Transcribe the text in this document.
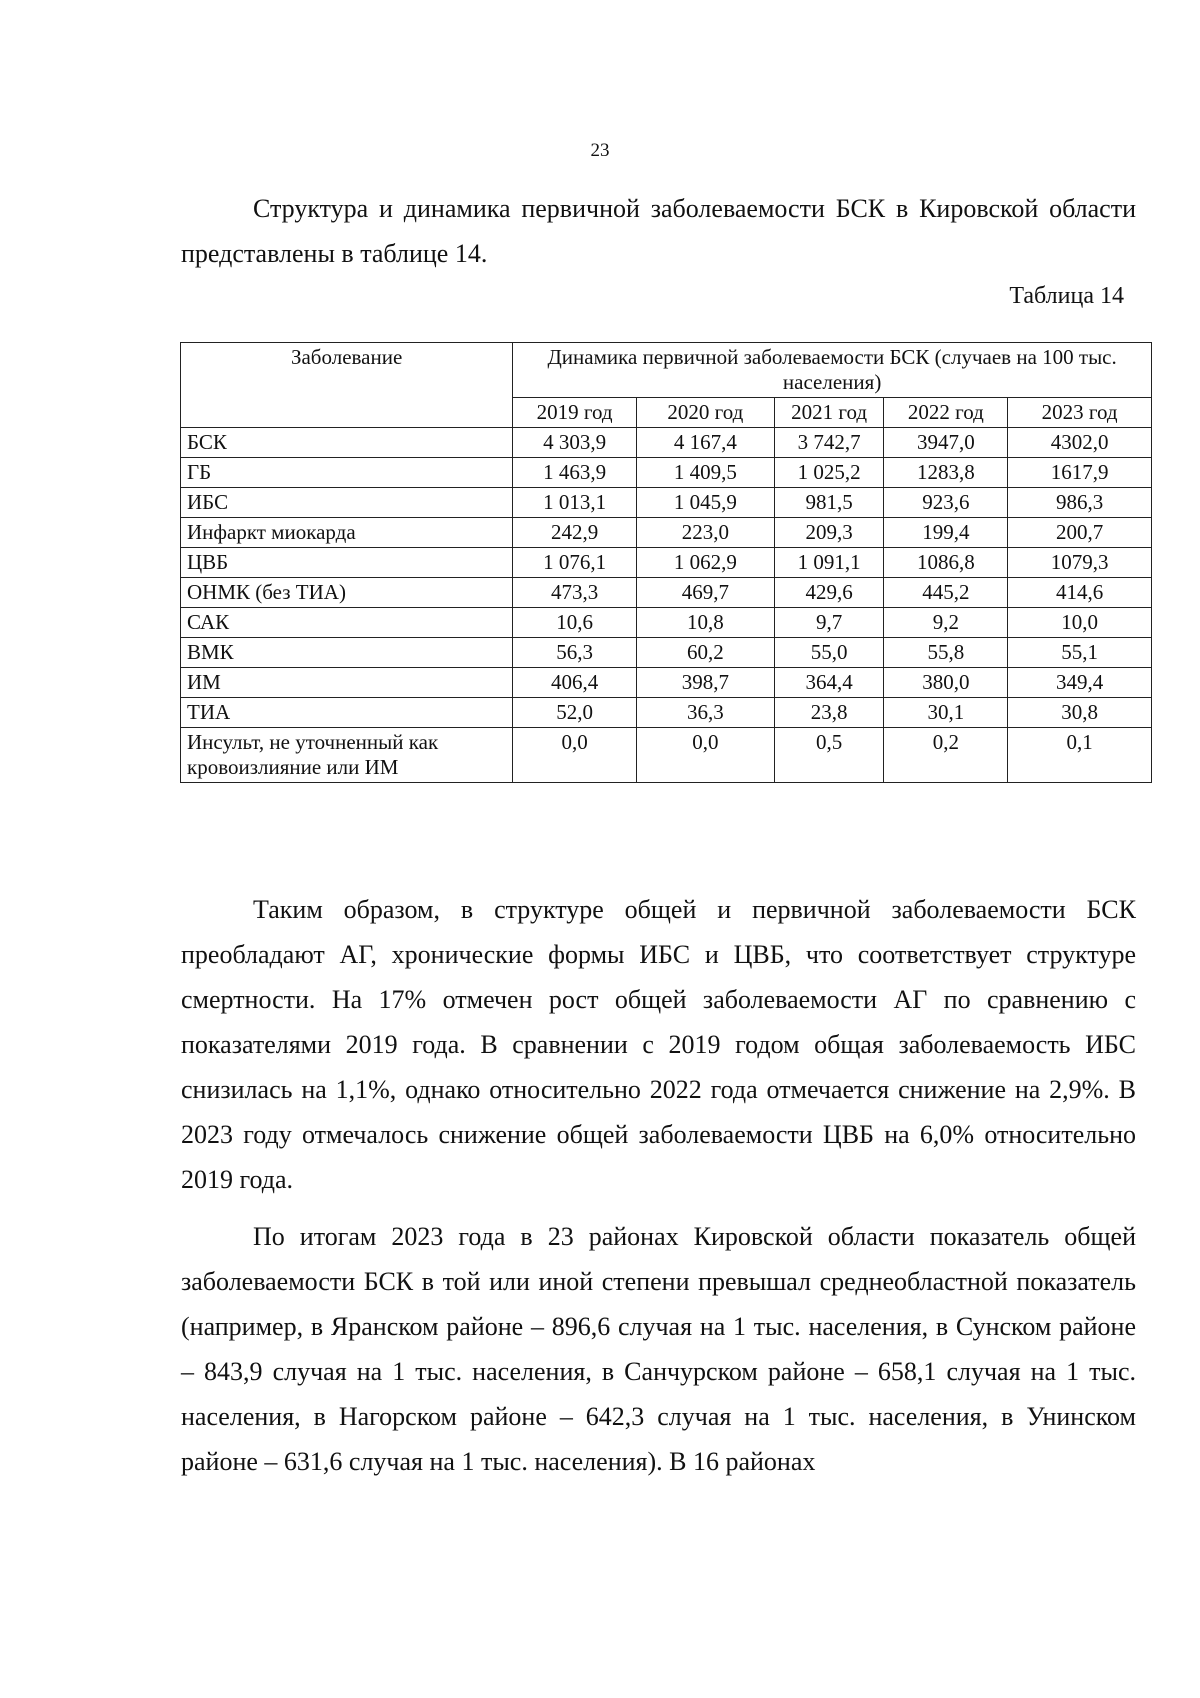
23

Структура и динамика первичной заболеваемости БСК в Кировской области представлены в таблице 14.

Таблица 14
Заболевание	Динамика первичной заболеваемости БСК (случаев на 100 тыс. населения)				
	2019 год	2020 год	2021 год	2022 год	2023 год
БСК	4 303,9	4 167,4	3 742,7	3947,0	4302,0
ГБ	1 463,9	1 409,5	1 025,2	1283,8	1617,9
ИБС	1 013,1	1 045,9	981,5	923,6	986,3
Инфаркт миокарда	242,9	223,0	209,3	199,4	200,7
ЦВБ	1 076,1	1 062,9	1 091,1	1086,8	1079,3
ОНМК (без ТИА)	473,3	469,7	429,6	445,2	414,6
САК	10,6	10,8	9,7	9,2	10,0
ВМК	56,3	60,2	55,0	55,8	55,1
ИМ	406,4	398,7	364,4	380,0	349,4
ТИА	52,0	36,3	23,8	30,1	30,8
Инсульт, не уточненный как кровоизлияние или ИМ	0,0	0,0	0,5	0,2	0,1

Таким образом, в структуре общей и первичной заболеваемости БСК преобладают АГ, хронические формы ИБС и ЦВБ, что соответствует структуре смертности. На 17% отмечен рост общей заболеваемости АГ по сравнению с показателями 2019 года. В сравнении с 2019 годом общая заболеваемость ИБС снизилась на 1,1%, однако относительно 2022 года отмечается снижение на 2,9%. В 2023 году отмечалось снижение общей заболеваемости ЦВБ на 6,0% относительно 2019 года.

По итогам 2023 года в 23 районах Кировской области показатель общей заболеваемости БСК в той или иной степени превышал среднеобластной показатель (например, в Яранском районе – 896,6 случая на 1 тыс. населения, в Сунском районе – 843,9 случая на 1 тыс. населения, в Санчурском районе – 658,1 случая на 1 тыс. населения, в Нагорском районе – 642,3 случая на 1 тыс. населения, в Унинском районе – 631,6 случая на 1 тыс. населения). В 16 районах
